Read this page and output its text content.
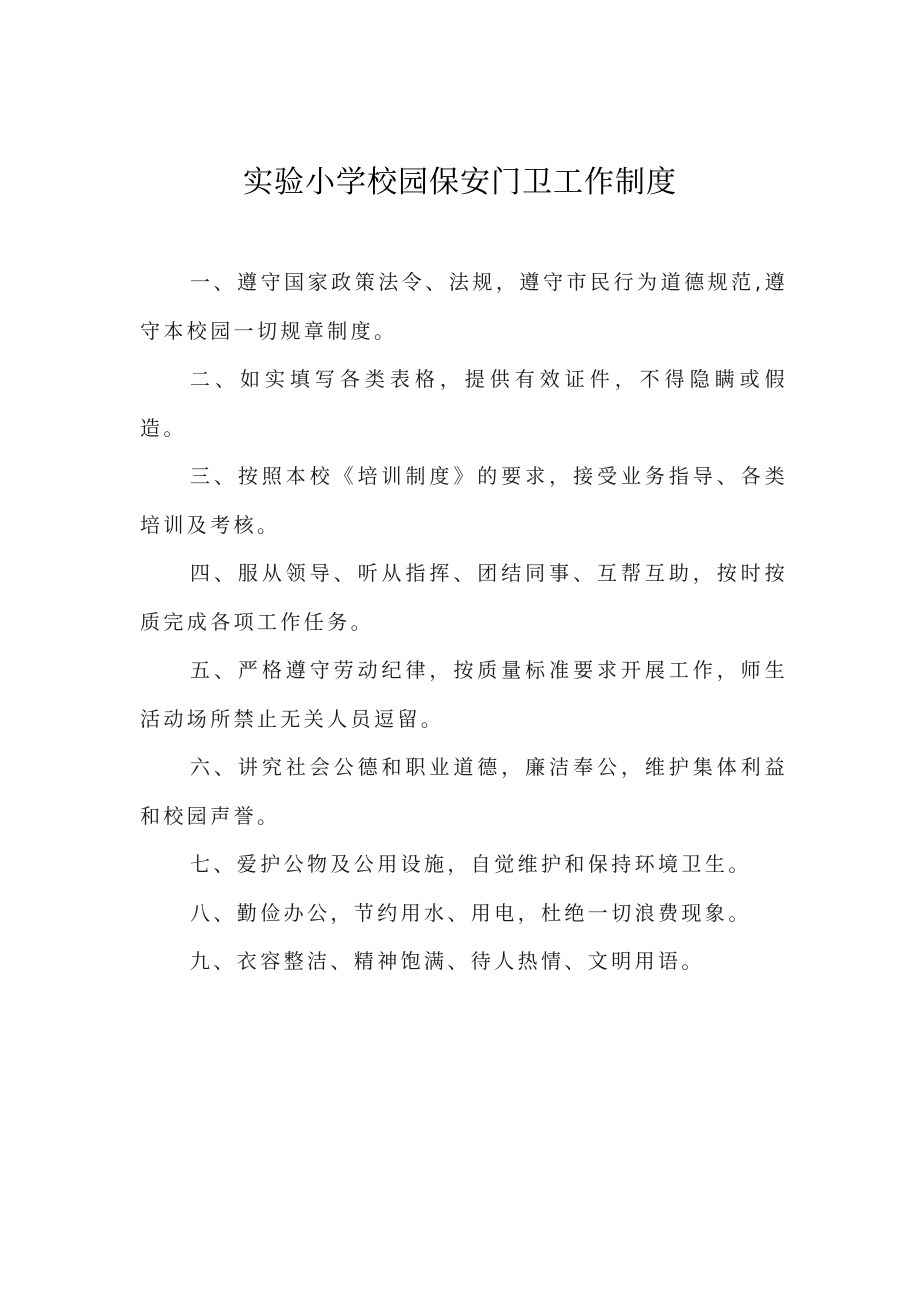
实验小学校园保安门卫工作制度

一、遵守国家政策法令、法规，遵守市民行为道德规范,遵守本校园一切规章制度。

二、如实填写各类表格，提供有效证件，不得隐瞒或假造。

三、按照本校《培训制度》的要求，接受业务指导、各类培训及考核。

四、服从领导、听从指挥、团结同事、互帮互助，按时按质完成各项工作任务。

五、严格遵守劳动纪律，按质量标准要求开展工作，师生活动场所禁止无关人员逗留。

六、讲究社会公德和职业道德，廉洁奉公，维护集体利益和校园声誉。

七、爱护公物及公用设施，自觉维护和保持环境卫生。

八、勤俭办公，节约用水、用电，杜绝一切浪费现象。

九、衣容整洁、精神饱满、待人热情、文明用语。
